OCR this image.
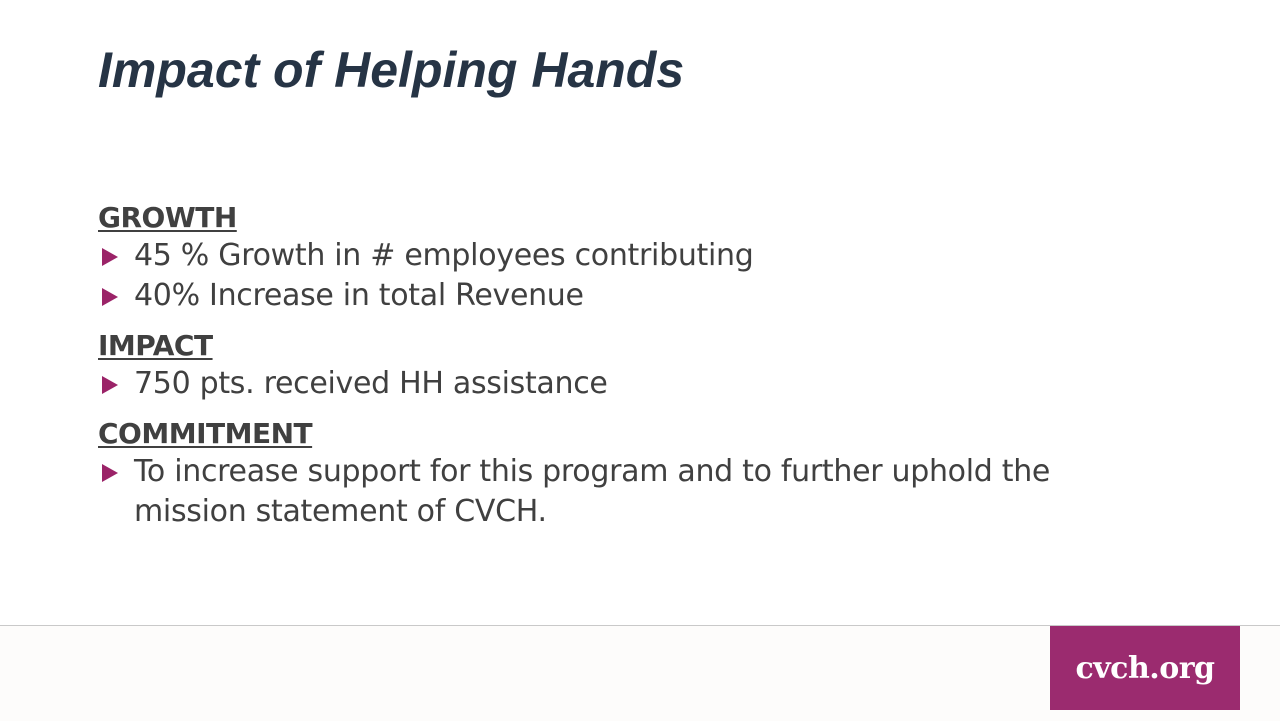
Impact of Helping Hands
GROWTH
45 % Growth in # employees contributing
40% Increase in total Revenue
IMPACT
750 pts. received HH assistance
COMMITMENT
To increase support for this program and to further uphold the mission statement of CVCH.
cvch.org
